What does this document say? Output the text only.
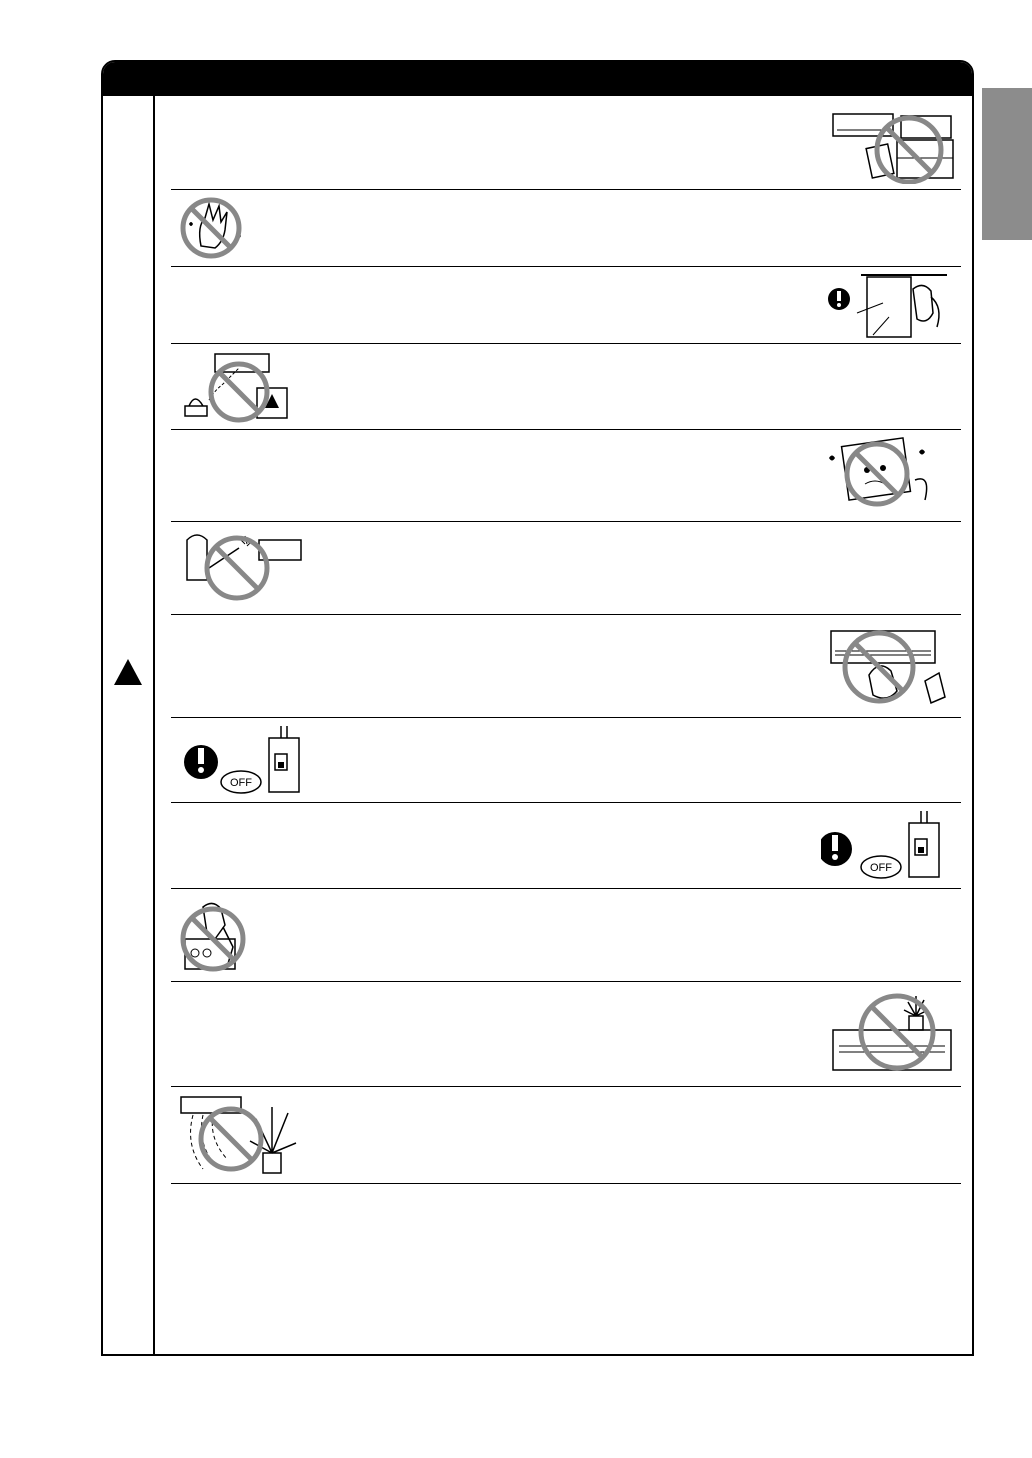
OFF
OFF
